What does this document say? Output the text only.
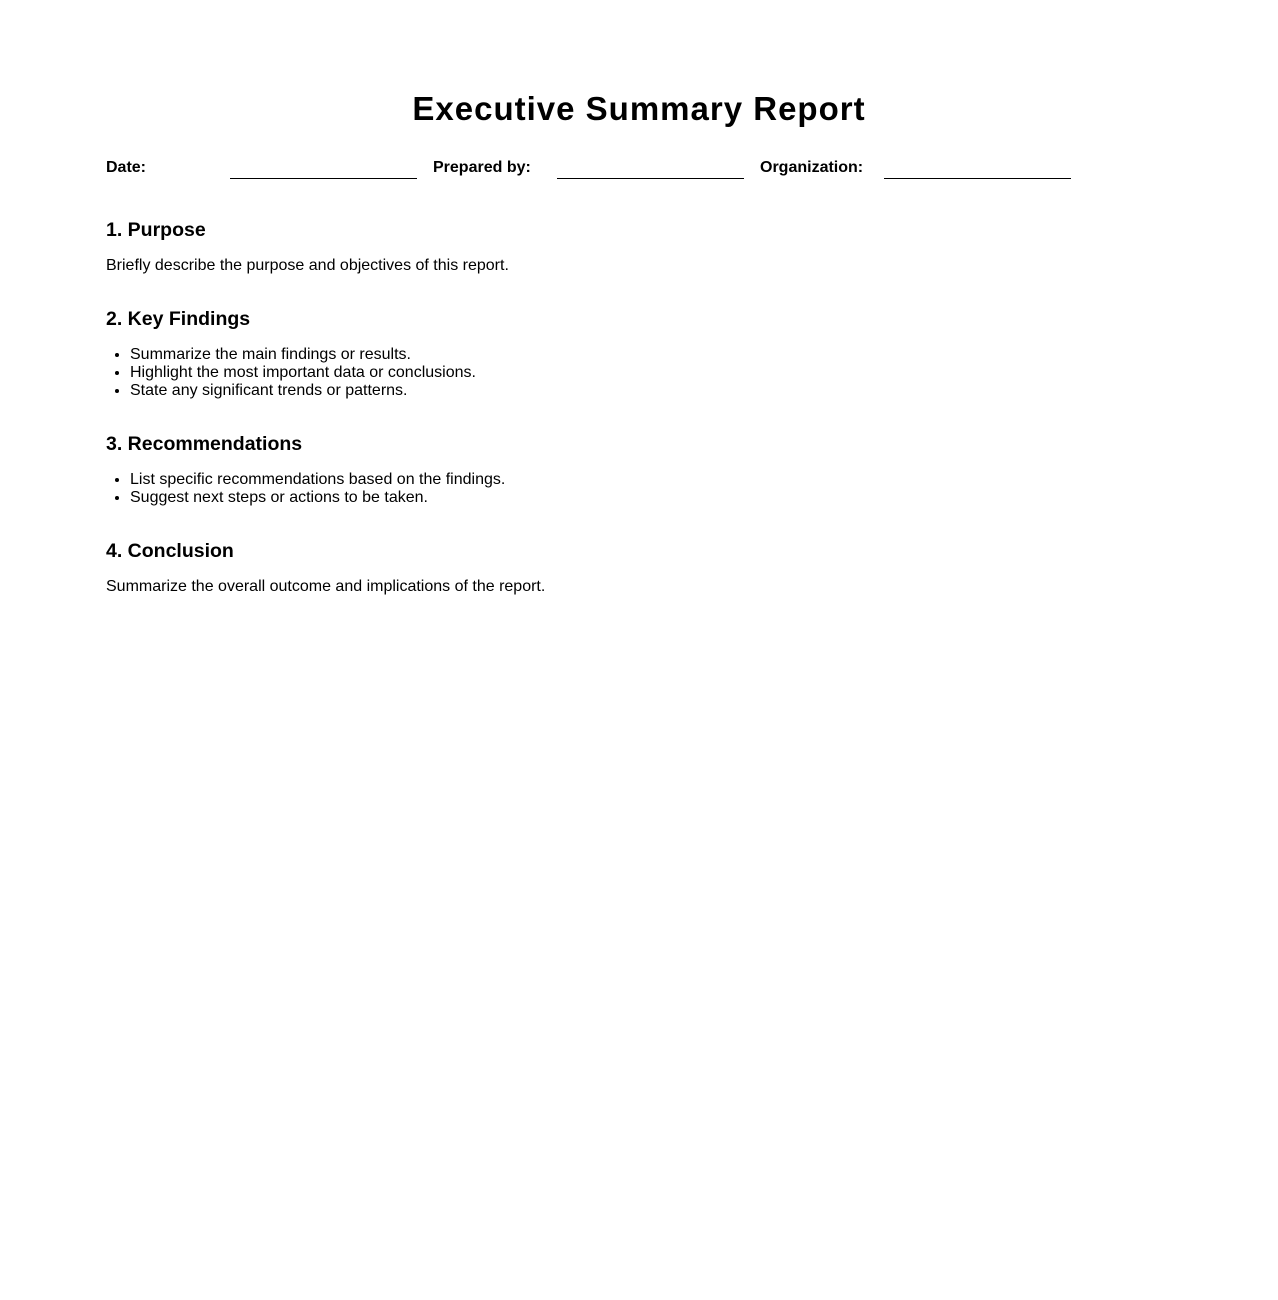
Executive Summary Report
Date:	Prepared by:	Organization:
1. Purpose

Briefly describe the purpose and objectives of this report.

2. Key Findings
• Summarize the main findings or results.
• Highlight the most important data or conclusions.
• State any significant trends or patterns.
3. Recommendations
• List specific recommendations based on the findings.
• Suggest next steps or actions to be taken.
4. Conclusion

Summarize the overall outcome and implications of the report.
